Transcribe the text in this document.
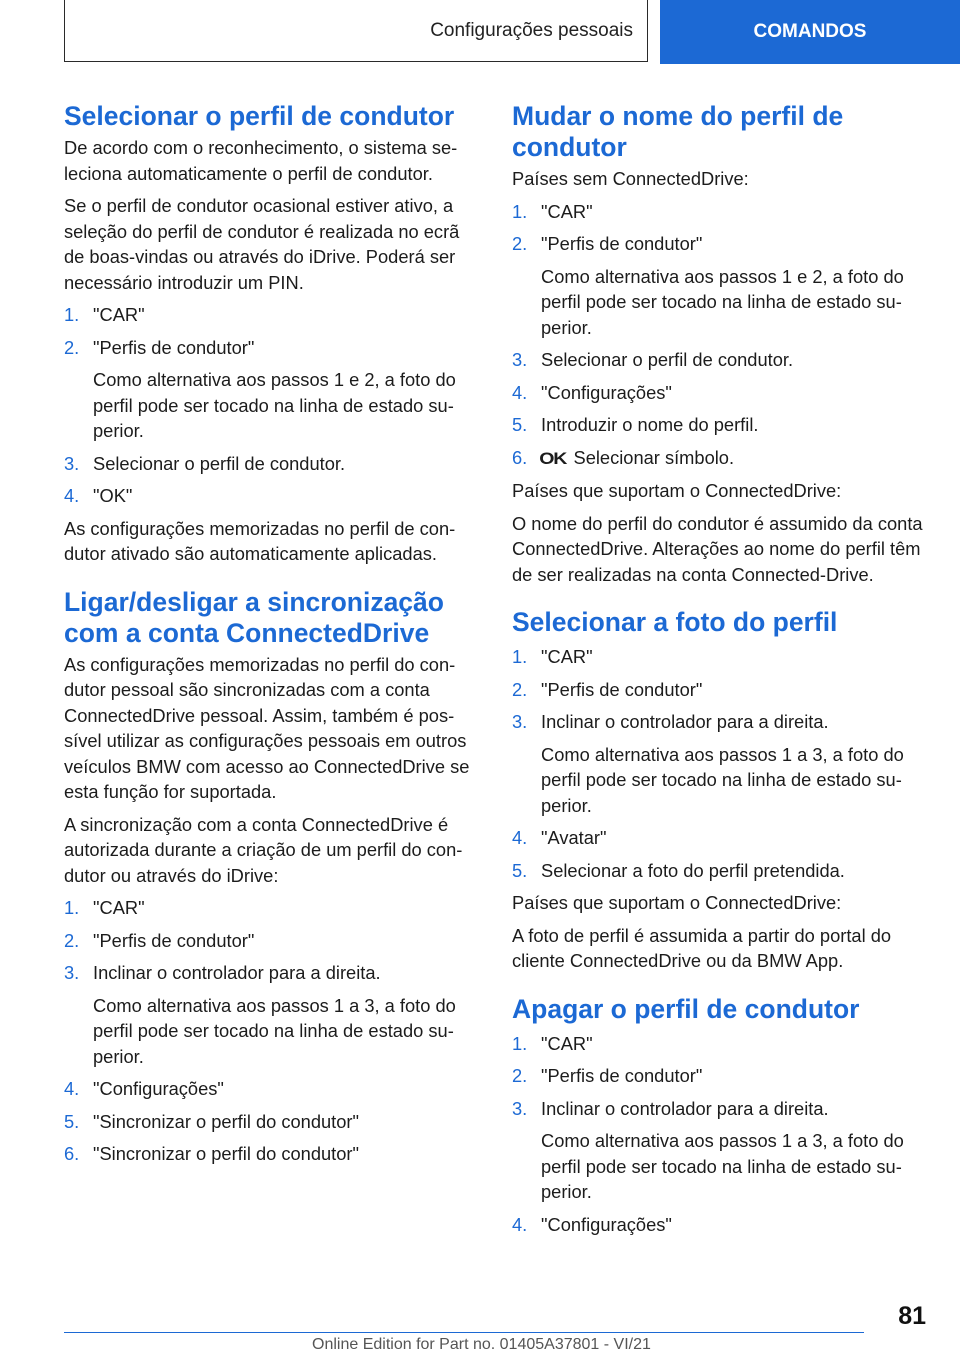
Configurações pessoais	COMANDOS
Selecionar o perfil de condutor

De acordo com o reconhecimento, o sistema se-leciona automaticamente o perfil de condutor.

Se o perfil de condutor ocasional estiver ativo, a seleção do perfil de condutor é realizada no ecrã de boas-vindas ou através do iDrive. Poderá ser necessário introduzir um PIN.

1. "CAR"
2. "Perfis de condutor"
Como alternativa aos passos 1 e 2, a foto do perfil pode ser tocado na linha de estado su-perior.
3. Selecionar o perfil de condutor.
4. "OK"

As configurações memorizadas no perfil de con-dutor ativado são automaticamente aplicadas.

Ligar/desligar a sincronização com a conta ConnectedDrive

As configurações memorizadas no perfil do con-dutor pessoal são sincronizadas com a conta ConnectedDrive pessoal. Assim, também é pos-sível utilizar as configurações pessoais em outros veículos BMW com acesso ao ConnectedDrive se esta função for suportada.

A sincronização com a conta ConnectedDrive é autorizada durante a criação de um perfil do con-dutor ou através do iDrive:

1. "CAR"
2. "Perfis de condutor"
3. Inclinar o controlador para a direita.
Como alternativa aos passos 1 a 3, a foto do perfil pode ser tocado na linha de estado su-perior.
4. "Configurações"
5. "Sincronizar o perfil do condutor"
6. "Sincronizar o perfil do condutor"
Mudar o nome do perfil de condutor

Países sem ConnectedDrive:

1. "CAR"
2. "Perfis de condutor"
Como alternativa aos passos 1 e 2, a foto do perfil pode ser tocado na linha de estado su-perior.
3. Selecionar o perfil de condutor.
4. "Configurações"
5. Introduzir o nome do perfil.
6. OK Selecionar símbolo.

Países que suportam o ConnectedDrive:

O nome do perfil do condutor é assumido da conta ConnectedDrive. Alterações ao nome do perfil têm de ser realizadas na conta Connected-Drive.

Selecionar a foto do perfil
1. "CAR"
2. "Perfis de condutor"
3. Inclinar o controlador para a direita.
Como alternativa aos passos 1 a 3, a foto do perfil pode ser tocado na linha de estado su-perior.
4. "Avatar"
5. Selecionar a foto do perfil pretendida.

Países que suportam o ConnectedDrive:

A foto de perfil é assumida a partir do portal do cliente ConnectedDrive ou da BMW App.

Apagar o perfil de condutor
1. "CAR"
2. "Perfis de condutor"
3. Inclinar o controlador para a direita.
Como alternativa aos passos 1 a 3, a foto do perfil pode ser tocado na linha de estado su-perior.
4. "Configurações"
81
Online Edition for Part no. 01405A37801 - VI/21
